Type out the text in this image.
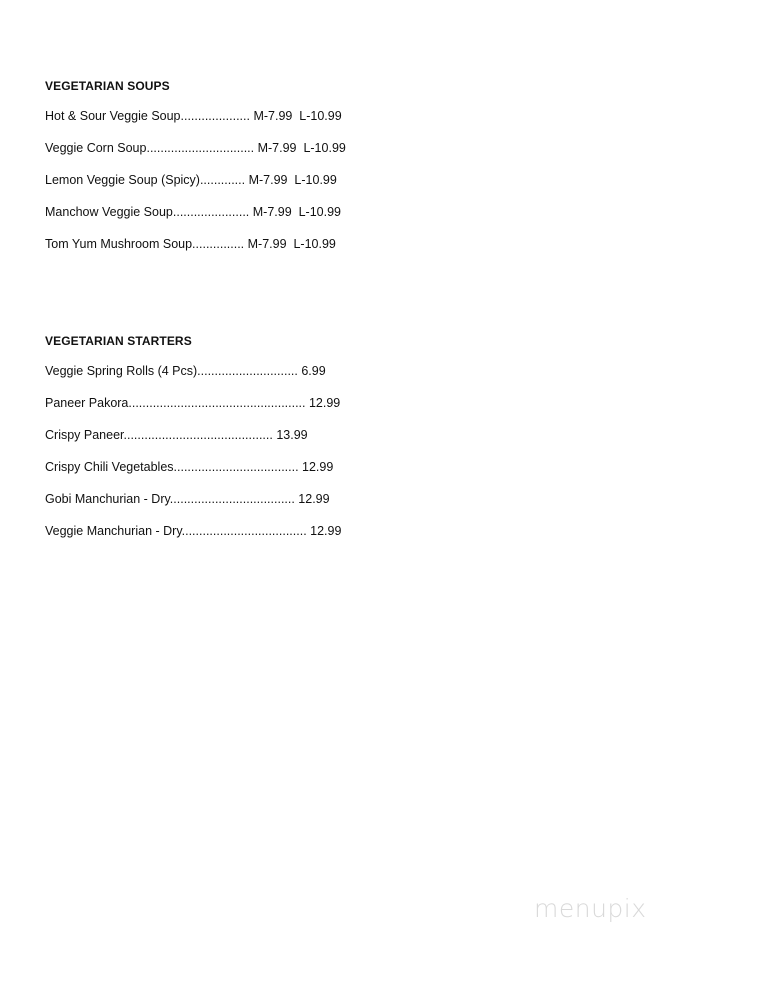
VEGETARIAN SOUPS
Hot & Sour Veggie Soup.................... M-7.99  L-10.99
Veggie Corn Soup............................... M-7.99  L-10.99
Lemon Veggie Soup (Spicy)............. M-7.99  L-10.99
Manchow Veggie Soup...................... M-7.99  L-10.99
Tom Yum Mushroom Soup............... M-7.99  L-10.99
VEGETARIAN STARTERS
Veggie Spring Rolls (4 Pcs)............................. 6.99
Paneer Pakora................................................... 12.99
Crispy Paneer........................................... 13.99
Crispy Chili Vegetables.................................... 12.99
Gobi Manchurian - Dry.................................... 12.99
Veggie Manchurian - Dry.................................... 12.99
menupix
